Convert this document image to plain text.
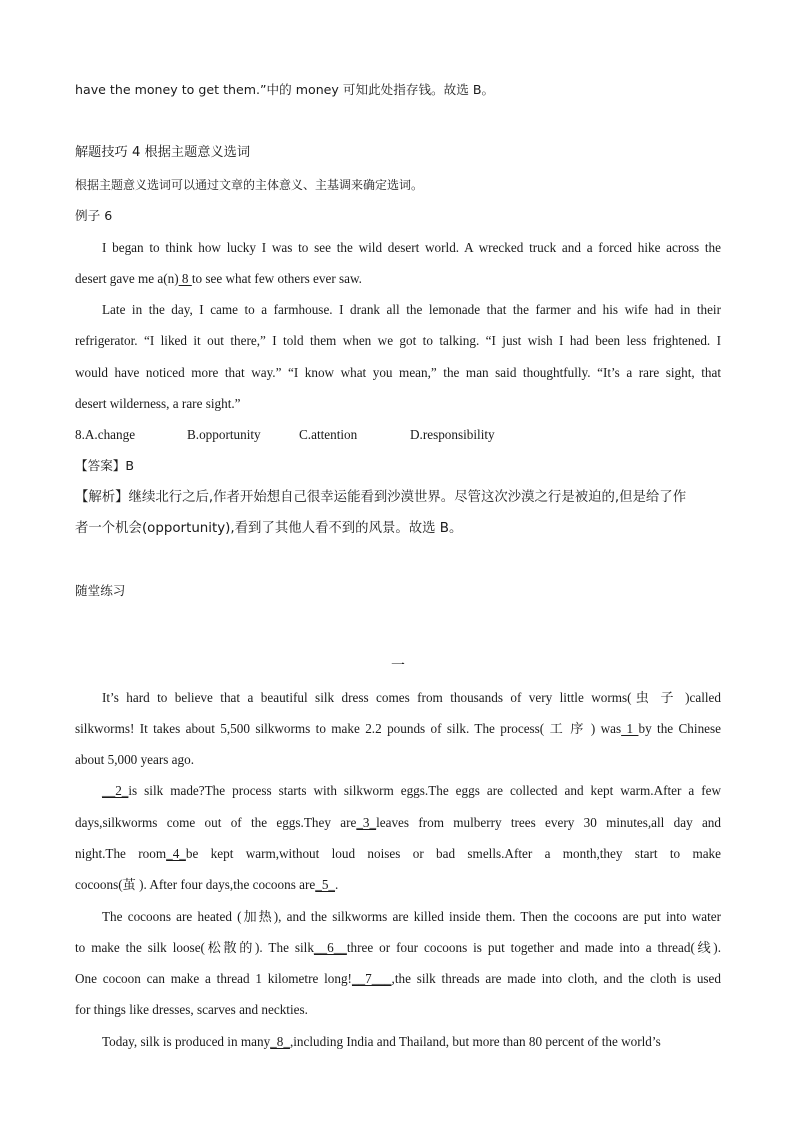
have the money to get them.”中的 money 可知此处指存钱。故选 B。
解题技巧 4 根据主题意义选词
根据主题意义选词可以通过文章的主体意义、主基调来确定选词。
例子 6
I began to think how lucky I was to see the wild desert world. A wrecked truck and a forced hike across the
desert gave me a(n) 8 to see what few others ever saw.
Late in the day, I came to a farmhouse. I drank all the lemonade that the farmer and his wife had in their
refrigerator. “I liked it out there,” I told them when we got to talking. “I just wish I had been less frightened. I
would have noticed more that way.” “I know what you mean,” the man said thoughtfully. “It’s a rare sight, that
desert wilderness, a rare sight.”
8.A.change	B.opportunity	C.attention	D.responsibility
【答案】B
【解析】继续北行之后,作者开始想自己很幸运能看到沙漠世界。尽管这次沙漠之行是被迫的,但是给了作
者一个机会(opportunity),看到了其他人看不到的风景。故选 B。
随堂练习
一
It’s hard to believe that a beautiful silk dress comes from thousands of very little worms(虫 子 )called
silkworms! It takes about 5,500 silkworms to make 2.2 pounds of silk. The process( 工 序 ) was 1 by the Chinese
about 5,000 years ago.
__2_is silk made?The process starts with silkworm eggs.The eggs are collected and kept warm.After a few
days,silkworms come out of the eggs.They are_3_leaves from mulberry trees every 30 minutes,all day and
night.The room_4_be kept warm,without loud noises or bad smells.After a month,they start to make
cocoons(茧 ). After four days,the cocoons are_5_.
The cocoons are heated (加热), and the silkworms are killed inside them. Then the cocoons are put into water
to make the silk loose(松散的). The silk__6__three or four cocoons is put together and made into a thread(线).
One cocoon can make a thread 1 kilometre long!__7___,the silk threads are made into cloth, and the cloth is used
for things like dresses, scarves and neckties.
Today, silk is produced in many_8_,including India and Thailand, but more than 80 percent of the world’s
